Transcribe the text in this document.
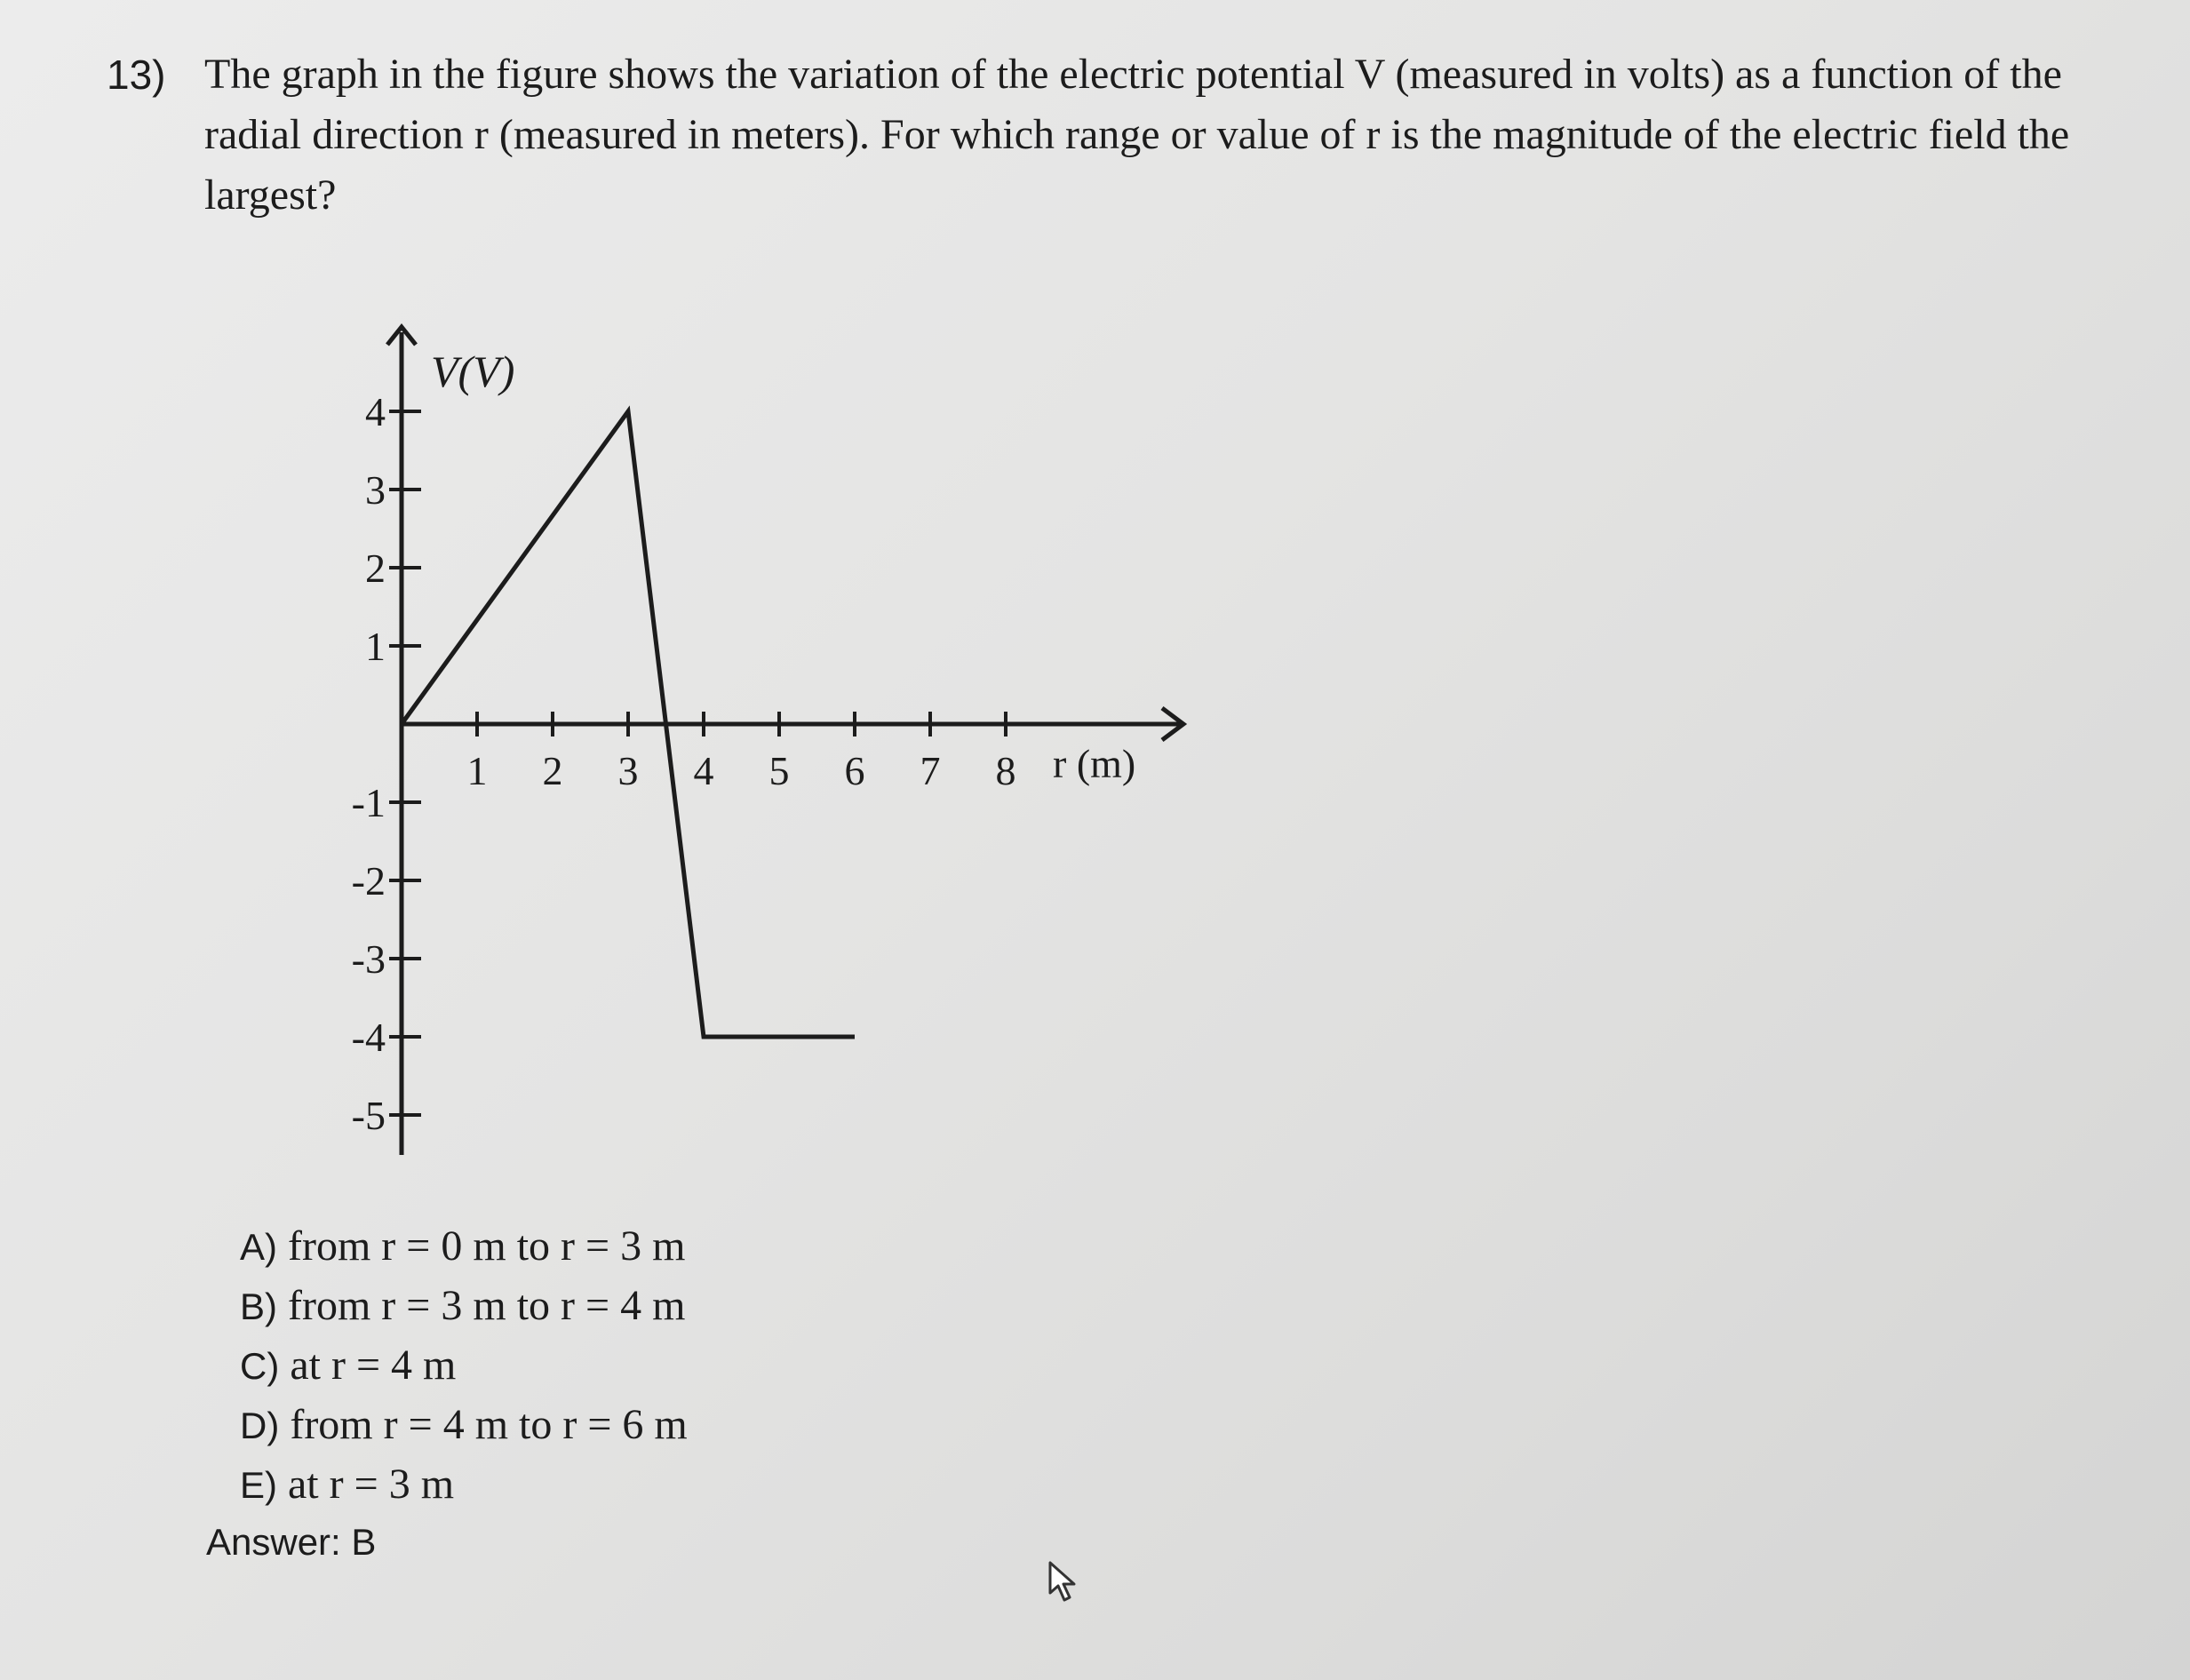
13) The graph in the figure shows the variation of the electric potential V (measured in volts) as a function of the radial direction r (measured in meters). For which range or value of r is the magnitude of the electric field the largest?
1 2 3 4 5 6 7 8
4
3
2
1
-1
-2
-3
-4
-5
V(V)
r (m)
A) from r = 0 m to r = 3 m
B) from r = 3 m to r = 4 m
C) at r = 4 m
D) from r = 4 m to r = 6 m
E) at r = 3 m
Answer: B
